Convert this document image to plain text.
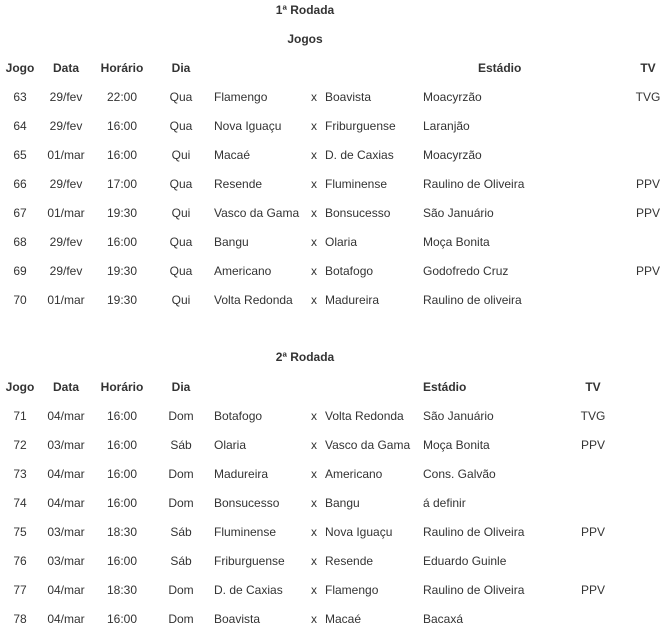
1ª Rodada
Jogos
Jogo	Data	Horário	Dia				Estádio	TV
63	29/fev	22:00	Qua	Flamengo	x	Boavista	Moacyrzão	TVG
64	29/fev	16:00	Qua	Nova Iguaçu	x	Friburguense	Laranjão	
65	01/mar	16:00	Qui	Macaé	x	D. de Caxias	Moacyrzão	
66	29/fev	17:00	Qua	Resende	x	Fluminense	Raulino de Oliveira	PPV
67	01/mar	19:30	Qui	Vasco da Gama	x	Bonsucesso	São Januário	PPV
68	29/fev	16:00	Qua	Bangu	x	Olaria	Moça Bonita	
69	29/fev	19:30	Qua	Americano	x	Botafogo	Godofredo Cruz	PPV
70	01/mar	19:30	Qui	Volta Redonda	x	Madureira	Raulino de oliveira	
2ª Rodada
Jogo	Data	Horário	Dia				Estádio	TV
71	04/mar	16:00	Dom	Botafogo	x	Volta Redonda	São Januário	TVG
72	03/mar	16:00	Sáb	Olaria	x	Vasco da Gama	Moça Bonita	PPV
73	04/mar	16:00	Dom	Madureira	x	Americano	Cons. Galvão	
74	04/mar	16:00	Dom	Bonsucesso	x	Bangu	á definir	
75	03/mar	18:30	Sáb	Fluminense	x	Nova Iguaçu	Raulino de Oliveira	PPV
76	03/mar	16:00	Sáb	Friburguense	x	Resende	Eduardo Guinle	
77	04/mar	18:30	Dom	D. de Caxias	x	Flamengo	Raulino de Oliveira	PPV
78	04/mar	16:00	Dom	Boavista	x	Macaé	Bacaxá	
